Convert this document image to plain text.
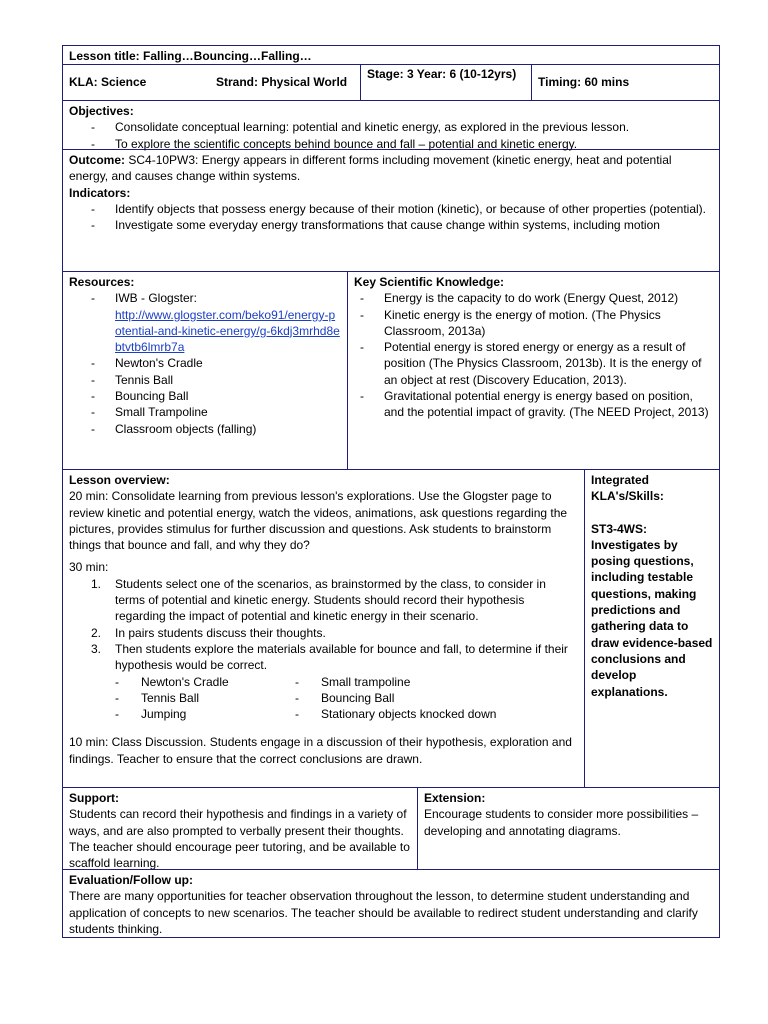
Lesson title: Falling…Bouncing…Falling…
KLA: Science	Strand: Physical World
Stage: 3 Year: 6 (10-12yrs)
Timing: 60 mins
Objectives:
- Consolidate conceptual learning: potential and kinetic energy, as explored in the previous lesson.
- To explore the scientific concepts behind bounce and fall – potential and kinetic energy.
Outcome: SC4-10PW3: Energy appears in different forms including movement (kinetic energy, heat and potential energy, and causes change within systems.
Indicators:
- Identify objects that possess energy because of their motion (kinetic), or because of other properties (potential).
- Investigate some everyday energy transformations that cause change within systems, including motion
Resources:
- IWB - Glogster:
http://www.glogster.com/beko91/energy-potential-and-kinetic-energy/g-6kdj3mrhd8ebtvtb6lmrb7a
- Newton's Cradle
- Tennis Ball
- Bouncing Ball
- Small Trampoline
- Classroom objects (falling)
Key Scientific Knowledge:
- Energy is the capacity to do work (Energy Quest, 2012)
- Kinetic energy is the energy of motion. (The Physics Classroom, 2013a)
- Potential energy is stored energy or energy as a result of position (The Physics Classroom, 2013b). It is the energy of an object at rest (Discovery Education, 2013).
- Gravitational potential energy is energy based on position, and the potential impact of gravity. (The NEED Project, 2013)
Lesson overview:
20 min: Consolidate learning from previous lesson's explorations. Use the Glogster page to review kinetic and potential energy, watch the videos, animations, ask questions regarding the pictures, provides stimulus for further discussion and questions. Ask students to brainstorm things that bounce and fall, and why they do?
30 min:
1. Students select one of the scenarios, as brainstormed by the class, to consider in terms of potential and kinetic energy. Students should record their hypothesis regarding the impact of potential and kinetic energy in their scenario.
2. In pairs students discuss their thoughts.
3. Then students explore the materials available for bounce and fall, to determine if their hypothesis would be correct.
- Newton's Cradle	- Small trampoline
- Tennis Ball	- Bouncing Ball
- Jumping	- Stationary objects knocked down
10 min: Class Discussion. Students engage in a discussion of their hypothesis, exploration and findings. Teacher to ensure that the correct conclusions are drawn.
Integrated KLA's/Skills:
ST3-4WS:
Investigates by posing questions, including testable questions, making predictions and gathering data to draw evidence-based conclusions and develop explanations.
Support:
Students can record their hypothesis and findings in a variety of ways, and are also prompted to verbally present their thoughts. The teacher should encourage peer tutoring, and be available to scaffold learning.
Extension:
Encourage students to consider more possibilities – developing and annotating diagrams.
Evaluation/Follow up:
There are many opportunities for teacher observation throughout the lesson, to determine student understanding and application of concepts to new scenarios. The teacher should be available to redirect student understanding and clarify students thinking.
